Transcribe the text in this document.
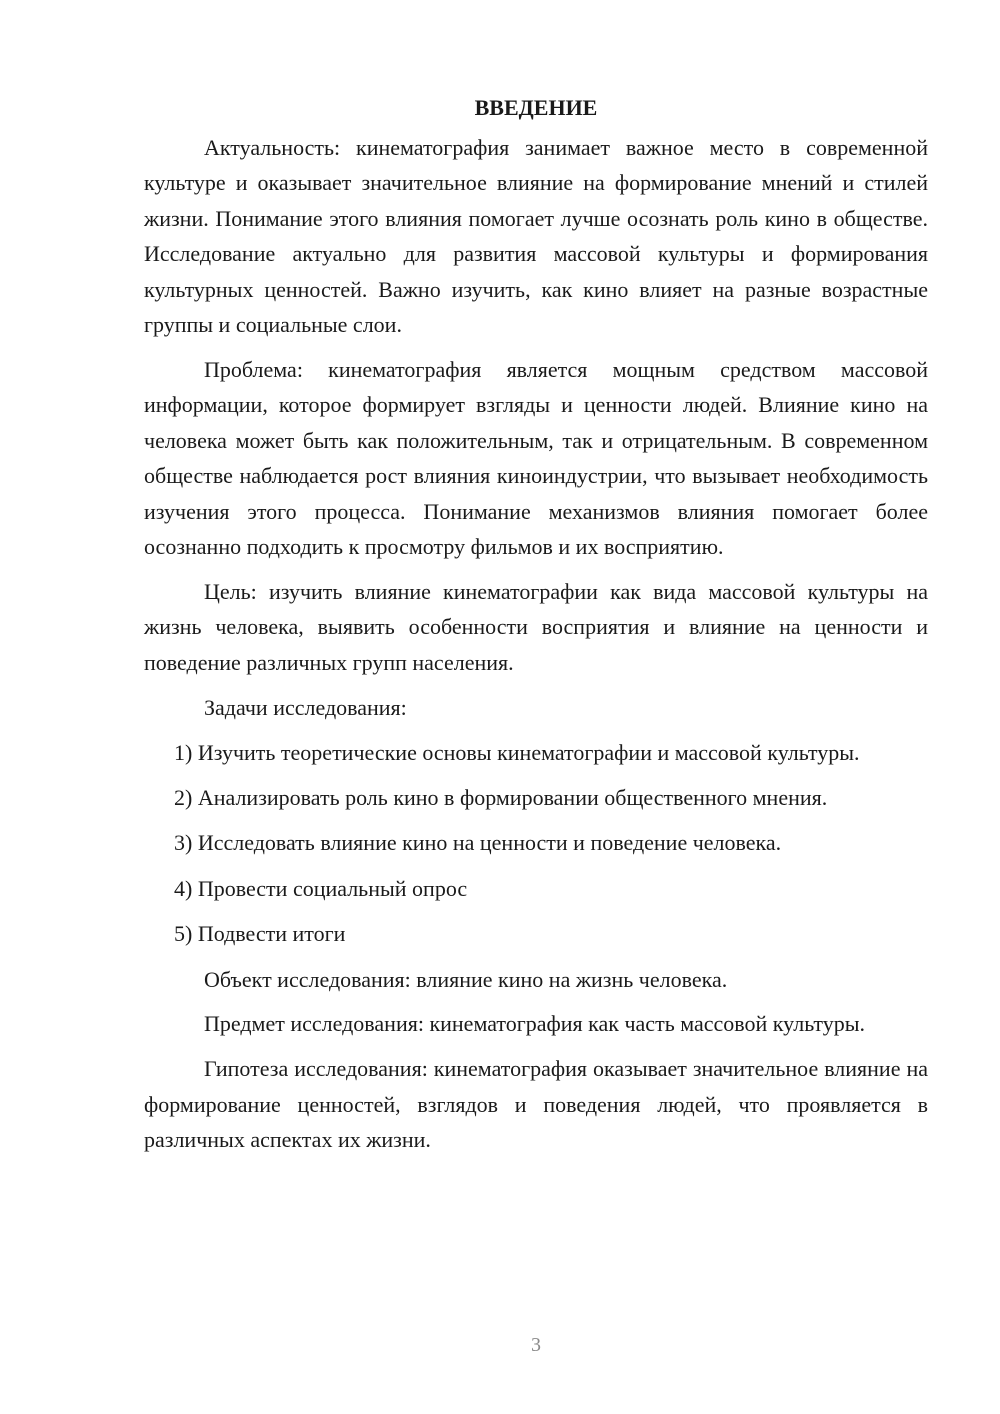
ВВЕДЕНИЕ

Актуальность: кинематография занимает важное место в современной культуре и оказывает значительное влияние на формирование мнений и стилей жизни. Понимание этого влияния помогает лучше осознать роль кино в обществе. Исследование актуально для развития массовой культуры и формирования культурных ценностей. Важно изучить, как кино влияет на разные возрастные группы и социальные слои.

Проблема: кинематография является мощным средством массовой информации, которое формирует взгляды и ценности людей. Влияние кино на человека может быть как положительным, так и отрицательным. В современном обществе наблюдается рост влияния киноиндустрии, что вызывает необходимость изучения этого процесса. Понимание механизмов влияния помогает более осознанно подходить к просмотру фильмов и их восприятию.

Цель: изучить влияние кинематографии как вида массовой культуры на жизнь человека, выявить особенности восприятия и влияние на ценности и поведение различных групп населения.

Задачи исследования:

1) Изучить теоретические основы кинематографии и массовой культуры.

2) Анализировать роль кино в формировании общественного мнения.

3) Исследовать влияние кино на ценности и поведение человека.

4) Провести социальный опрос

5) Подвести итоги

Объект исследования: влияние кино на жизнь человека.

Предмет исследования: кинематография как часть массовой культуры.

Гипотеза исследования: кинематография оказывает значительное влияние на формирование ценностей, взглядов и поведения людей, что проявляется в различных аспектах их жизни.

3
